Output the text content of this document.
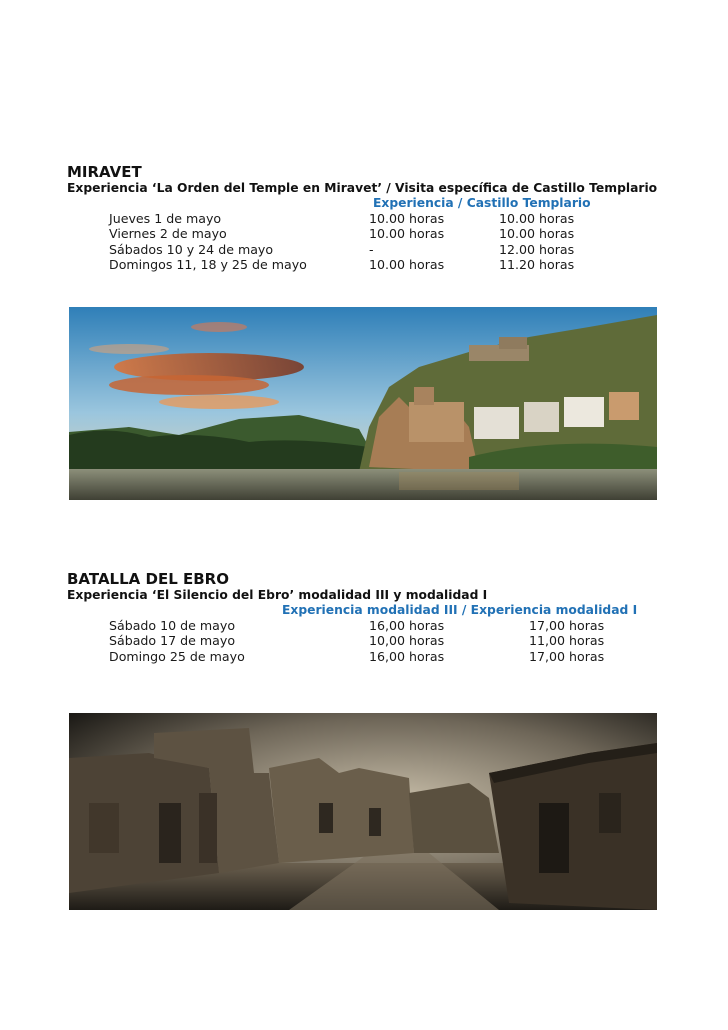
MIRAVET

Experiencia ‘La Orden del Temple en Miravet’ / Visita específica de Castillo Templario

Experiencia / Castillo Templario
Jueves 1 de mayo	10.00 horas	10.00 horas
Viernes 2 de mayo	10.00 horas	10.00 horas
Sábados 10 y 24 de mayo	-	12.00 horas
Domingos 11, 18 y 25 de mayo	10.00 horas	11.20 horas
BATALLA DEL EBRO

Experiencia ‘El Silencio del Ebro’ modalidad III y modalidad I

Experiencia modalidad III / Experiencia modalidad I
Sábado 10 de mayo	16,00 horas	17,00 horas
Sábado 17 de mayo	10,00 horas	11,00 horas
Domingo 25 de mayo	16,00 horas	17,00 horas
